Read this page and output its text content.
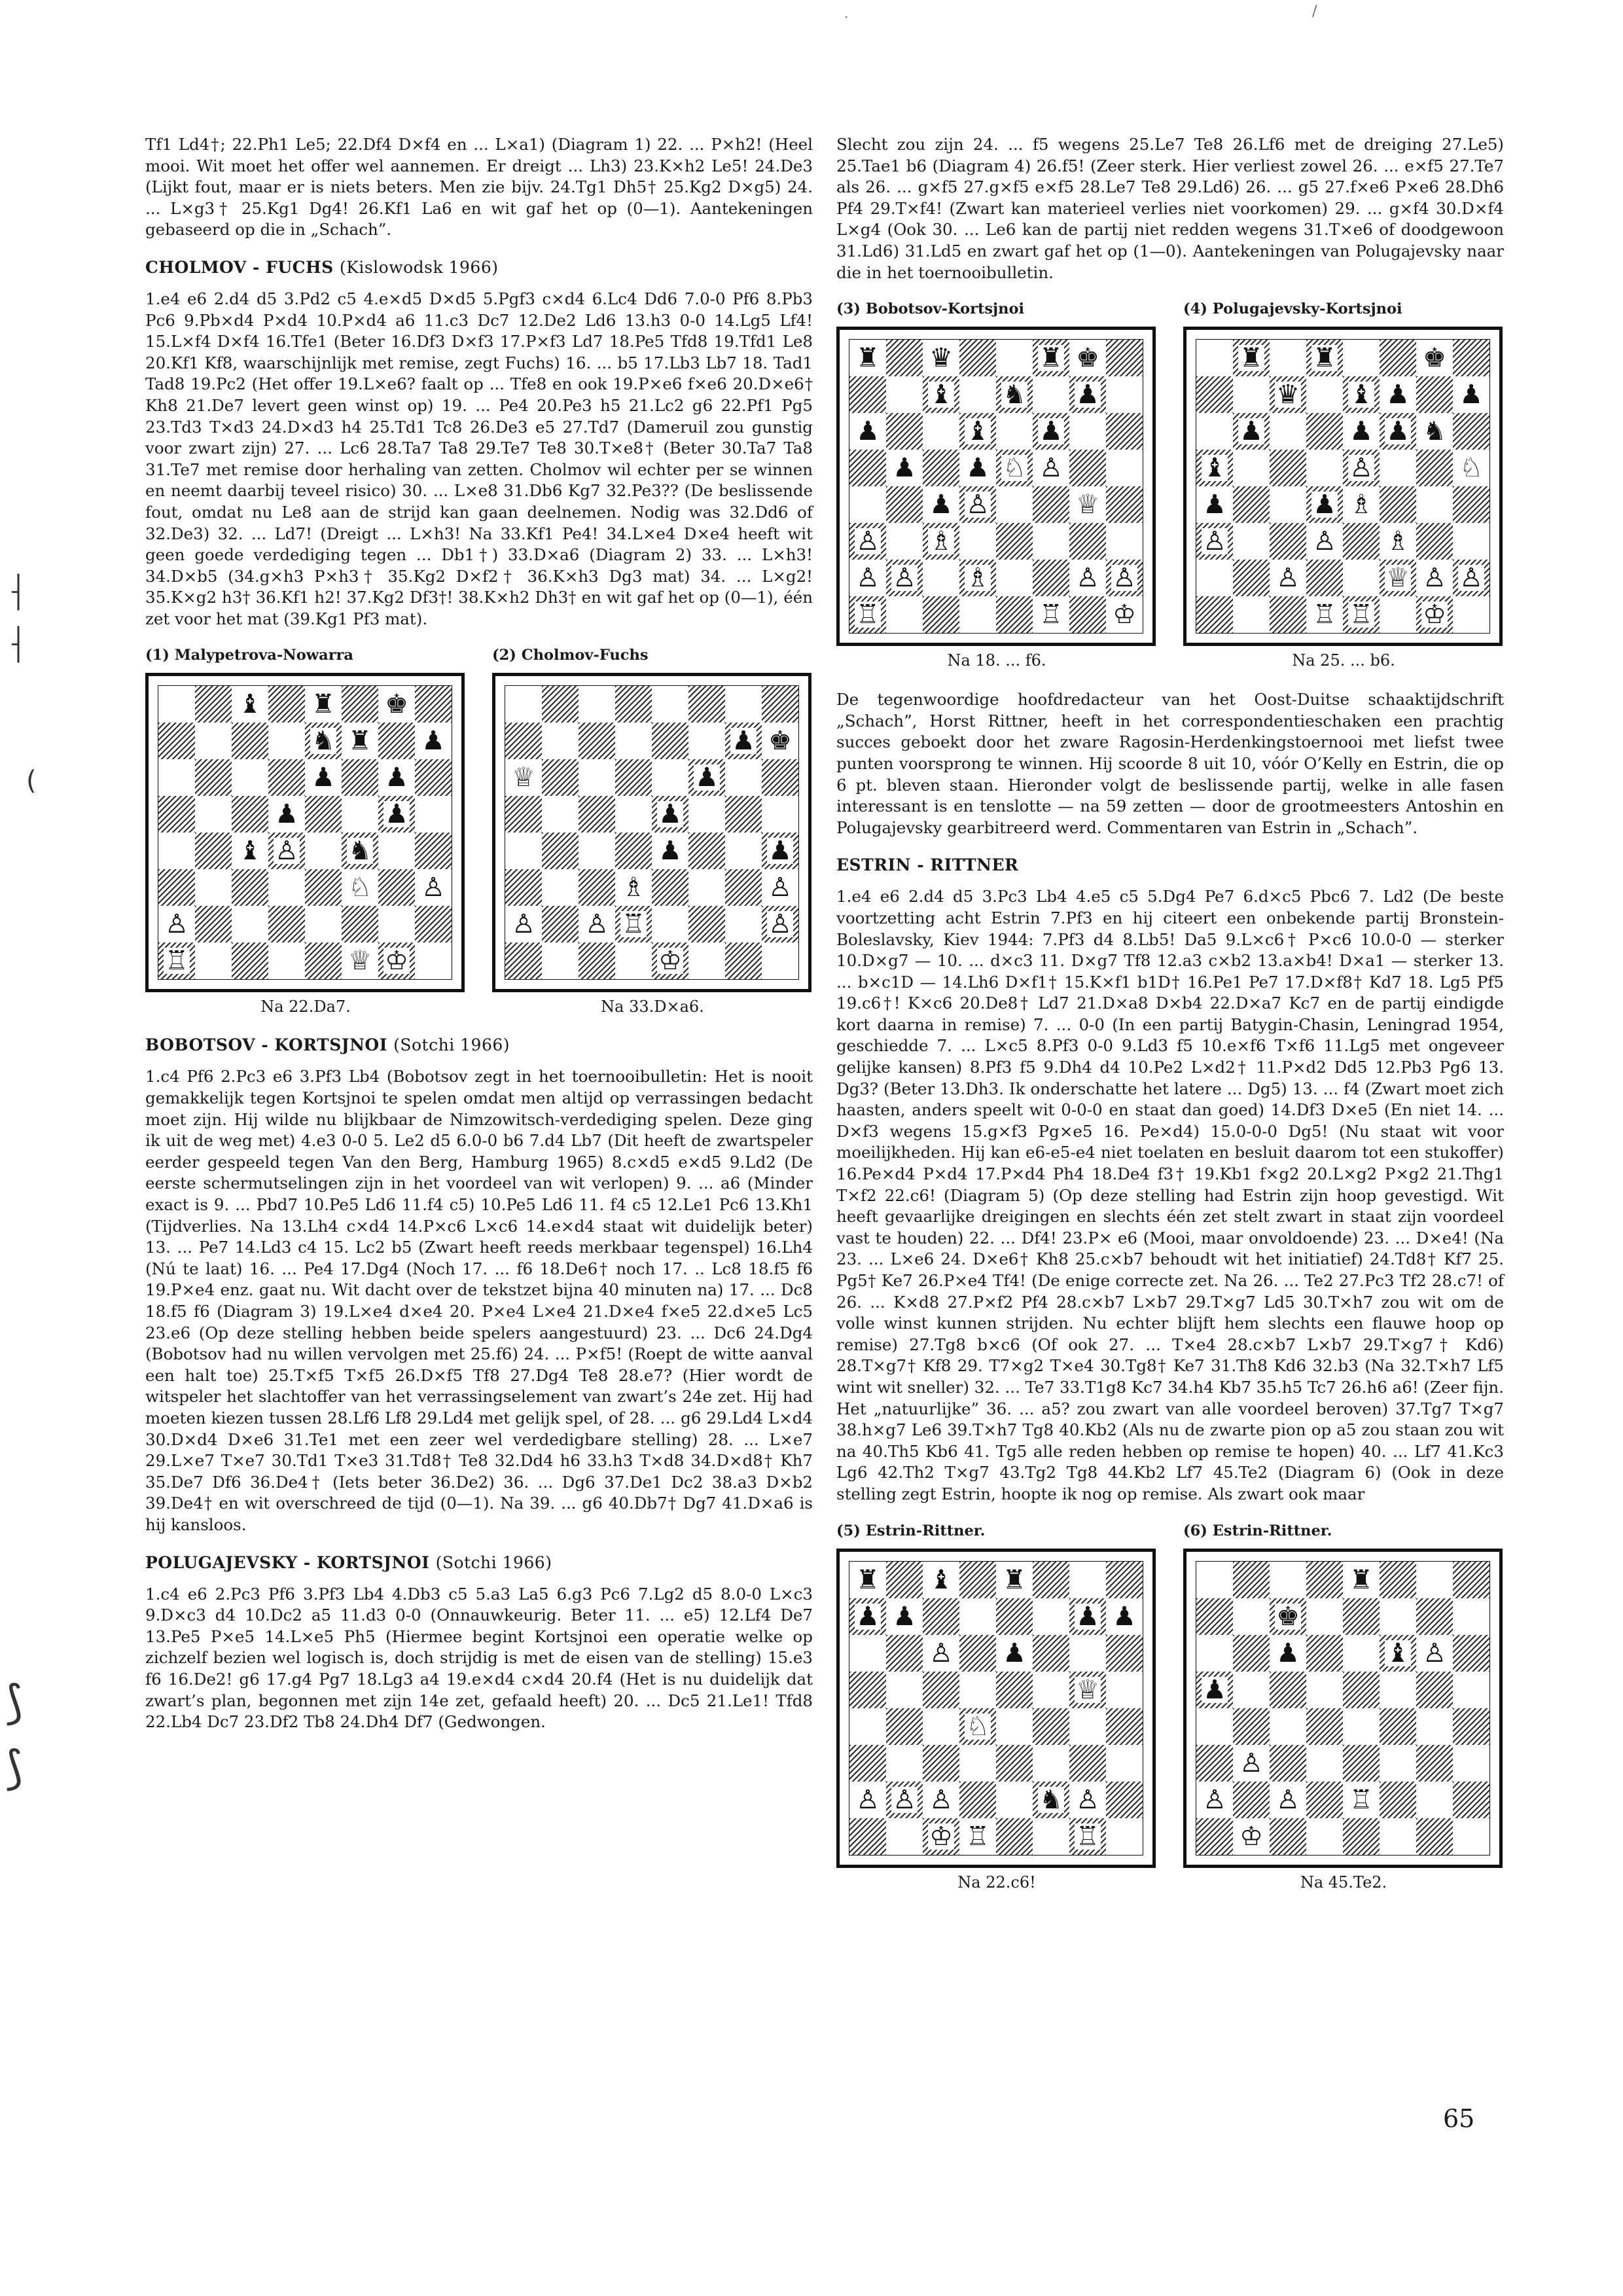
·	/
⸡
⸡
(
⟆
⟆

Tf1 Ld4†; 22.Ph1 Le5; 22.Df4 D×f4 en ... L×a1) (Diagram 1) 22. ... P×h2! (Heel mooi. Wit moet het offer wel aannemen. Er dreigt ... Lh3) 23.K×h2 Le5! 24.De3 (Lijkt fout, maar er is niets beters. Men zie bijv. 24.Tg1 Dh5† 25.Kg2 D×g5) 24. ... L×g3† 25.Kg1 Dg4! 26.Kf1 La6 en wit gaf het op (0—1). Aantekeningen gebaseerd op die in „Schach”.

CHOLMOV - FUCHS (Kislowodsk 1966)

1.e4 e6 2.d4 d5 3.Pd2 c5 4.e×d5 D×d5 5.Pgf3 c×d4 6.Lc4 Dd6 7.0-0 Pf6 8.Pb3 Pc6 9.Pb×d4 P×d4 10.P×d4 a6 11.c3 Dc7 12.De2 Ld6 13.h3 0-0 14.Lg5 Lf4! 15.L×f4 D×f4 16.Tfe1 (Beter 16.Df3 D×f3 17.P×f3 Ld7 18.Pe5 Tfd8 19.Tfd1 Le8 20.Kf1 Kf8, waarschijnlijk met remise, zegt Fuchs) 16. ... b5 17.Lb3 Lb7 18. Tad1 Tad8 19.Pc2 (Het offer 19.L×e6? faalt op ... Tfe8 en ook 19.P×e6 f×e6 20.D×e6† Kh8 21.De7 levert geen winst op) 19. ... Pe4 20.Pe3 h5 21.Lc2 g6 22.Pf1 Pg5 23.Td3 T×d3 24.D×d3 h4 25.Td1 Tc8 26.De3 e5 27.Td7 (Dameruil zou gunstig voor zwart zijn) 27. ... Lc6 28.Ta7 Ta8 29.Te7 Te8 30.T×e8† (Beter 30.Ta7 Ta8 31.Te7 met remise door herhaling van zetten. Cholmov wil echter per se winnen en neemt daarbij teveel risico) 30. ... L×e8 31.Db6 Kg7 32.Pe3?? (De beslissende fout, omdat nu Le8 aan de strijd kan gaan deelnemen. Nodig was 32.Dd6 of 32.De3) 32. ... Ld7! (Dreigt ... L×h3! Na 33.Kf1 Pe4! 34.L×e4 D×e4 heeft wit geen goede verdediging tegen ... Db1†) 33.D×a6 (Diagram 2) 33. ... L×h3! 34.D×b5 (34.g×h3 P×h3† 35.Kg2 D×f2† 36.K×h3 Dg3 mat) 34. ... L×g2! 35.K×g2 h3† 36.Kf1 h2! 37.Kg2 Df3†! 38.K×h2 Dh3† en wit gaf het op (0—1), één zet voor het mat (39.Kg1 Pf3 mat).

(1) Malypetrova-Nowarra
♝ ♜ ♚
♞ ♜ ♟
♟ ♟
♟	♟
♝ ♙ ♞
♘ ♙
♙
♖	♕ ♔
Na 22.Da7.
(2) Cholmov-Fuchs
♟ ♚
♕	♟
♟
♟	♟
♗	♙
♙ ♙ ♖	♙
♔
Na 33.D×a6.
BOBOTSOV - KORTSJNOI (Sotchi 1966)

1.c4 Pf6 2.Pc3 e6 3.Pf3 Lb4 (Bobotsov zegt in het toernooibulletin: Het is nooit gemakkelijk tegen Kortsjnoi te spelen omdat men altijd op verrassingen bedacht moet zijn. Hij wilde nu blijkbaar de Nimzowitsch-verdediging spelen. Deze ging ik uit de weg met) 4.e3 0-0 5. Le2 d5 6.0-0 b6 7.d4 Lb7 (Dit heeft de zwartspeler eerder gespeeld tegen Van den Berg, Hamburg 1965) 8.c×d5 e×d5 9.Ld2 (De eerste schermutselingen zijn in het voordeel van wit verlopen) 9. ... a6 (Minder exact is 9. ... Pbd7 10.Pe5 Ld6 11.f4 c5) 10.Pe5 Ld6 11. f4 c5 12.Le1 Pc6 13.Kh1 (Tijdverlies. Na 13.Lh4 c×d4 14.P×c6 L×c6 14.e×d4 staat wit duidelijk beter) 13. ... Pe7 14.Ld3 c4 15. Lc2 b5 (Zwart heeft reeds merkbaar tegenspel) 16.Lh4 (Nú te laat) 16. ... Pe4 17.Dg4 (Noch 17. ... f6 18.De6† noch 17. .. Lc8 18.f5 f6 19.P×e4 enz. gaat nu. Wit dacht over de tekstzet bijna 40 minuten na) 17. ... Dc8 18.f5 f6 (Diagram 3) 19.L×e4 d×e4 20. P×e4 L×e4 21.D×e4 f×e5 22.d×e5 Lc5 23.e6 (Op deze stelling hebben beide spelers aangestuurd) 23. ... Dc6 24.Dg4 (Bobotsov had nu willen vervolgen met 25.f6) 24. ... P×f5! (Roept de witte aanval een halt toe) 25.T×f5 T×f5 26.D×f5 Tf8 27.Dg4 Te8 28.e7? (Hier wordt de witspeler het slachtoffer van het verrassingselement van zwart’s 24e zet. Hij had moeten kiezen tussen 28.Lf6 Lf8 29.Ld4 met gelijk spel, of 28. ... g6 29.Ld4 L×d4 30.D×d4 D×e6 31.Te1 met een zeer wel verdedigbare stelling) 28. ... L×e7 29.L×e7 T×e7 30.Td1 T×e3 31.Td8† Te8 32.Dd4 h6 33.h3 T×d8 34.D×d8† Kh7 35.De7 Df6 36.De4† (Iets beter 36.De2) 36. ... Dg6 37.De1 Dc2 38.a3 D×b2 39.De4† en wit overschreed de tijd (0—1). Na 39. ... g6 40.Db7† Dg7 41.D×a6 is hij kansloos.

POLUGAJEVSKY - KORTSJNOI (Sotchi 1966)

1.c4 e6 2.Pc3 Pf6 3.Pf3 Lb4 4.Db3 c5 5.a3 La5 6.g3 Pc6 7.Lg2 d5 8.0-0 L×c3 9.D×c3 d4 10.Dc2 a5 11.d3 0-0 (Onnauwkeurig. Beter 11. ... e5) 12.Lf4 De7 13.Pe5 P×e5 14.L×e5 Ph5 (Hiermee begint Kortsjnoi een operatie welke op zichzelf bezien wel logisch is, doch strijdig is met de eisen van de stelling) 15.e3 f6 16.De2! g6 17.g4 Pg7 18.Lg3 a4 19.e×d4 c×d4 20.f4 (Het is nu duidelijk dat zwart’s plan, begonnen met zijn 14e zet, gefaald heeft) 20. ... Dc5 21.Le1! Tfd8 22.Lb4 Dc7 23.Df2 Tb8 24.Dh4 Df7 (Gedwongen.

Slecht zou zijn 24. ... f5 wegens 25.Le7 Te8 26.Lf6 met de dreiging 27.Le5) 25.Tae1 b6 (Diagram 4) 26.f5! (Zeer sterk. Hier verliest zowel 26. ... e×f5 27.Te7 als 26. ... g×f5 27.g×f5 e×f5 28.Le7 Te8 29.Ld6) 26. ... g5 27.f×e6 P×e6 28.Dh6 Pf4 29.T×f4! (Zwart kan materieel verlies niet voorkomen) 29. ... g×f4 30.D×f4 L×g4 (Ook 30. ... Le6 kan de partij niet redden wegens 31.T×e6 of doodgewoon 31.Ld6) 31.Ld5 en zwart gaf het op (1—0). Aantekeningen van Polugajevsky naar die in het toernooibulletin.

(3) Bobotsov-Kortsjnoi
♜ ♛	♜ ♚
♝ ♞ ♟
♟	♝ ♟
♟ ♟ ♘ ♙
♟ ♙	♕
♙ ♗
♙ ♙ ♗	♙ ♙
♖	♖ ♔
Na 18. ... f6.
(4) Polugajevsky-Kortsjnoi
♜ ♜	♚
♛ ♝ ♟ ♟
♟	♟ ♟ ♞
♝	♙	♘
♟	♟ ♗
♙	♙ ♗
♙	♕ ♙ ♙
♖ ♖ ♔
Na 25. ... b6.

De tegenwoordige hoofdredacteur van het Oost-Duitse schaaktijdschrift „Schach”, Horst Rittner, heeft in het correspondentieschaken een prachtig succes geboekt door het zware Ragosin-Herdenkingstoernooi met liefst twee punten voorsprong te winnen. Hij scoorde 8 uit 10, vóór O’Kelly en Estrin, die op 6 pt. bleven staan. Hieronder volgt de beslissende partij, welke in alle fasen interessant is en tenslotte — na 59 zetten — door de grootmeesters Antoshin en Polugajevsky gearbitreerd werd. Commentaren van Estrin in „Schach”.

ESTRIN - RITTNER

1.e4 e6 2.d4 d5 3.Pc3 Lb4 4.e5 c5 5.Dg4 Pe7 6.d×c5 Pbc6 7. Ld2 (De beste voortzetting acht Estrin 7.Pf3 en hij citeert een onbekende partij Bronstein-Boleslavsky, Kiev 1944: 7.Pf3 d4 8.Lb5! Da5 9.L×c6† P×c6 10.0-0 — sterker 10.D×g7 — 10. ... d×c3 11. D×g7 Tf8 12.a3 c×b2 13.a×b4! D×a1 — sterker 13. ... b×c1D — 14.Lh6 D×f1† 15.K×f1 b1D† 16.Pe1 Pe7 17.D×f8† Kd7 18. Lg5 Pf5 19.c6†! K×c6 20.De8† Ld7 21.D×a8 D×b4 22.D×a7 Kc7 en de partij eindigde kort daarna in remise) 7. ... 0-0 (In een partij Batygin-Chasin, Leningrad 1954, geschiedde 7. ... L×c5 8.Pf3 0-0 9.Ld3 f5 10.e×f6 T×f6 11.Lg5 met ongeveer gelijke kansen) 8.Pf3 f5 9.Dh4 d4 10.Pe2 L×d2† 11.P×d2 Dd5 12.Pb3 Pg6 13. Dg3? (Beter 13.Dh3. Ik onderschatte het latere ... Dg5) 13. ... f4 (Zwart moet zich haasten, anders speelt wit 0-0-0 en staat dan goed) 14.Df3 D×e5 (En niet 14. ... D×f3 wegens 15.g×f3 Pg×e5 16. Pe×d4) 15.0-0-0 Dg5! (Nu staat wit voor moeilijkheden. Hij kan e6-e5-e4 niet toelaten en besluit daarom tot een stukoffer) 16.Pe×d4 P×d4 17.P×d4 Ph4 18.De4 f3† 19.Kb1 f×g2 20.L×g2 P×g2 21.Thg1 T×f2 22.c6! (Diagram 5) (Op deze stelling had Estrin zijn hoop gevestigd. Wit heeft gevaarlijke dreigingen en slechts één zet stelt zwart in staat zijn voordeel vast te houden) 22. ... Df4! 23.P× e6 (Mooi, maar onvoldoende) 23. ... D×e4! (Na 23. ... L×e6 24. D×e6† Kh8 25.c×b7 behoudt wit het initiatief) 24.Td8† Kf7 25. Pg5† Ke7 26.P×e4 Tf4! (De enige correcte zet. Na 26. ... Te2 27.Pc3 Tf2 28.c7! of 26. ... K×d8 27.P×f2 Pf4 28.c×b7 L×b7 29.T×g7 Ld5 30.T×h7 zou wit om de volle winst kunnen strijden. Nu echter blijft hem slechts een flauwe hoop op remise) 27.Tg8 b×c6 (Of ook 27. ... T×e4 28.c×b7 L×b7 29.T×g7† Kd6) 28.T×g7† Kf8 29. T7×g2 T×e4 30.Tg8† Ke7 31.Th8 Kd6 32.b3 (Na 32.T×h7 Lf5 wint wit sneller) 32. ... Te7 33.T1g8 Kc7 34.h4 Kb7 35.h5 Tc7 26.h6 a6! (Zeer fijn. Het „natuurlijke” 36. ... a5? zou zwart van alle voordeel beroven) 37.Tg7 T×g7 38.h×g7 Le6 39.T×h7 Tg8 40.Kb2 (Als nu de zwarte pion op a5 zou staan zou wit na 40.Th5 Kb6 41. Tg5 alle reden hebben op remise te hopen) 40. ... Lf7 41.Kc3 Lg6 42.Th2 T×g7 43.Tg2 Tg8 44.Kb2 Lf7 45.Te2 (Diagram 6) (Ook in deze stelling zegt Estrin, hoopte ik nog op remise. Als zwart ook maar

(5) Estrin-Rittner.
♜ ♝ ♜
♟ ♟	♟ ♟
♙ ♟
♕
♘
♙ ♙ ♙	♞ ♙
♔ ♖	♖
Na 22.c6!
(6) Estrin-Rittner.
♜
♚
♟	♝ ♙
♟
♙
♙ ♙ ♖
♔
Na 45.Te2.
65
